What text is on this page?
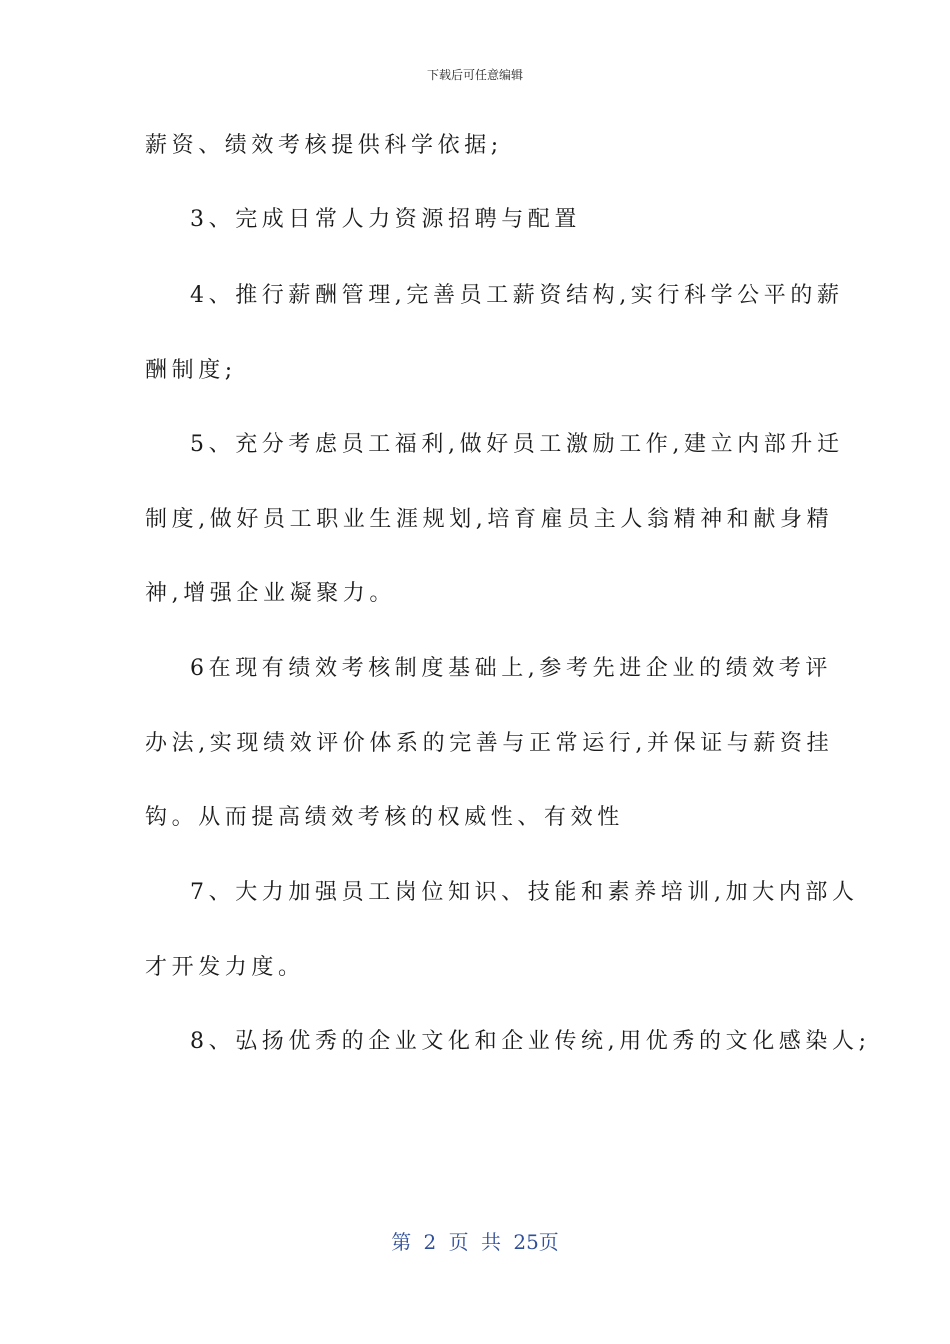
下载后可任意编辑
薪资、绩效考核提供科学依据;
3、完成日常人力资源招聘与配置
4、推行薪酬管理,完善员工薪资结构,实行科学公平的薪
酬制度;
5、充分考虑员工福利,做好员工激励工作,建立内部升迁
制度,做好员工职业生涯规划,培育雇员主人翁精神和献身精
神,增强企业凝聚力。
6在现有绩效考核制度基础上,参考先进企业的绩效考评
办法,实现绩效评价体系的完善与正常运行,并保证与薪资挂
钩。从而提高绩效考核的权威性、有效性
7、大力加强员工岗位知识、技能和素养培训,加大内部人
才开发力度。
8、弘扬优秀的企业文化和企业传统,用优秀的文化感染人;
第 2 页 共 25页
